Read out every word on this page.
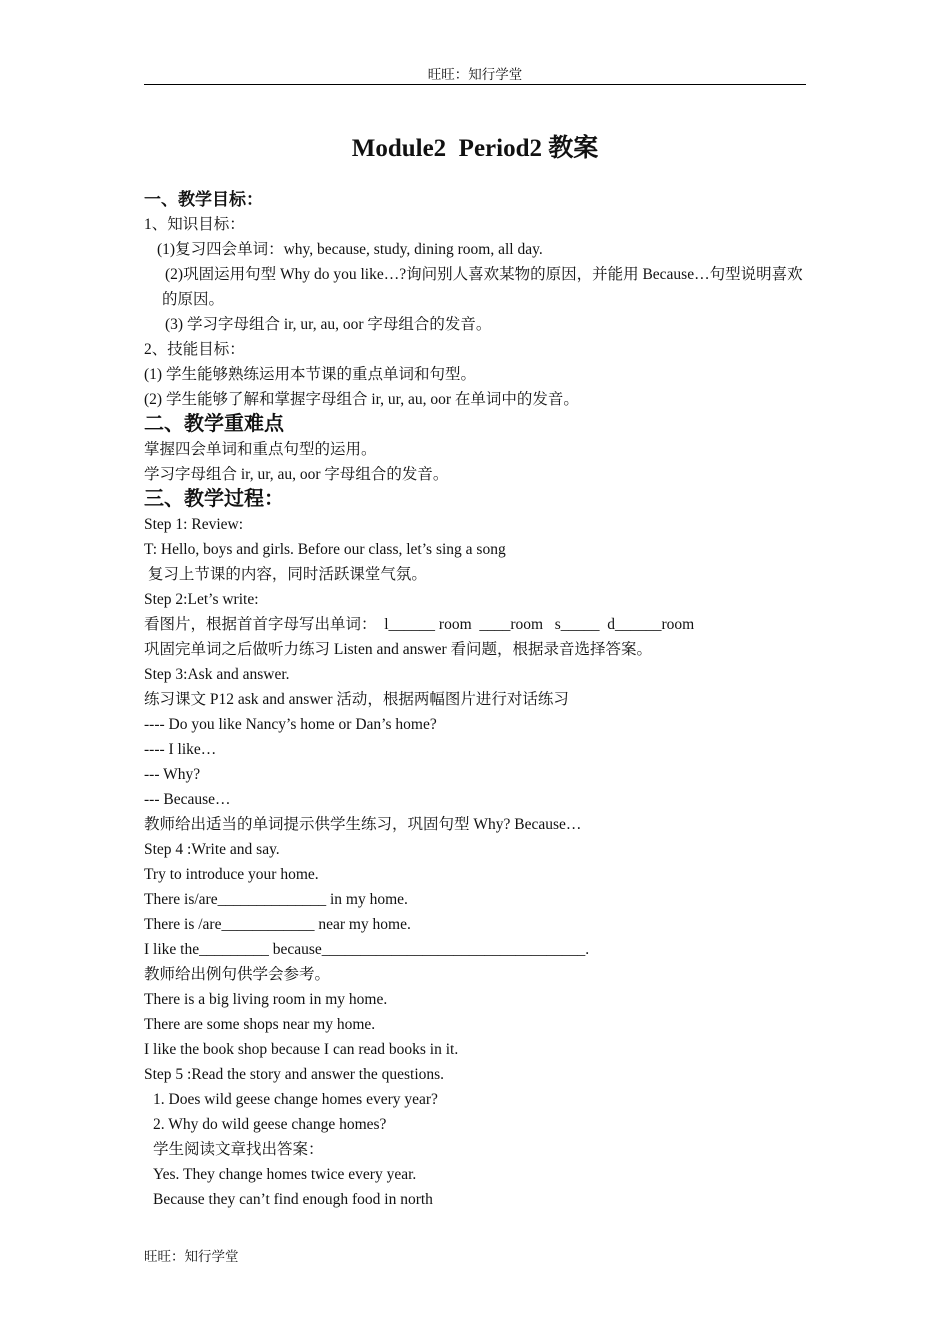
旺旺：知行学堂
Module2  Period2 教案
一、教学目标：
1、知识目标：
(1)复习四会单词：why, because, study, dining room, all day.
(2)巩固运用句型 Why do you like…?询问别人喜欢某物的原因，并能用 Because…句型说明喜欢的原因。
(3) 学习字母组合 ir, ur, au, oor 字母组合的发音。
2、技能目标：
(1) 学生能够熟练运用本节课的重点单词和句型。
(2) 学生能够了解和掌握字母组合 ir, ur, au, oor 在单词中的发音。
二、教学重难点
掌握四会单词和重点句型的运用。
学习字母组合 ir, ur, au, oor 字母组合的发音。
三、教学过程：
Step 1: Review:
T: Hello, boys and girls. Before our class, let’s sing a song
复习上节课的内容，同时活跃课堂气氛。
Step 2:Let’s write:
看图片，根据首首字母写出单词：  l______ room  ____room   s_____  d______room
巩固完单词之后做听力练习 Listen and answer 看问题，根据录音选择答案。
Step 3:Ask and answer.
练习课文 P12 ask and answer 活动，根据两幅图片进行对话练习
---- Do you like Nancy’s home or Dan’s home?
---- I like…
--- Why?
--- Because…
教师给出适当的单词提示供学生练习，巩固句型 Why? Because…
Step 4 :Write and say.
Try to introduce your home.
There is/are______________ in my home.
There is /are____________ near my home.
I like the_________ because__________________________________.
教师给出例句供学会参考。
There is a big living room in my home.
There are some shops near my home.
I like the book shop because I can read books in it.
Step 5 :Read the story and answer the questions.
1. Does wild geese change homes every year?
2. Why do wild geese change homes?
学生阅读文章找出答案：
Yes. They change homes twice every year.
Because they can’t find enough food in north
旺旺：知行学堂
